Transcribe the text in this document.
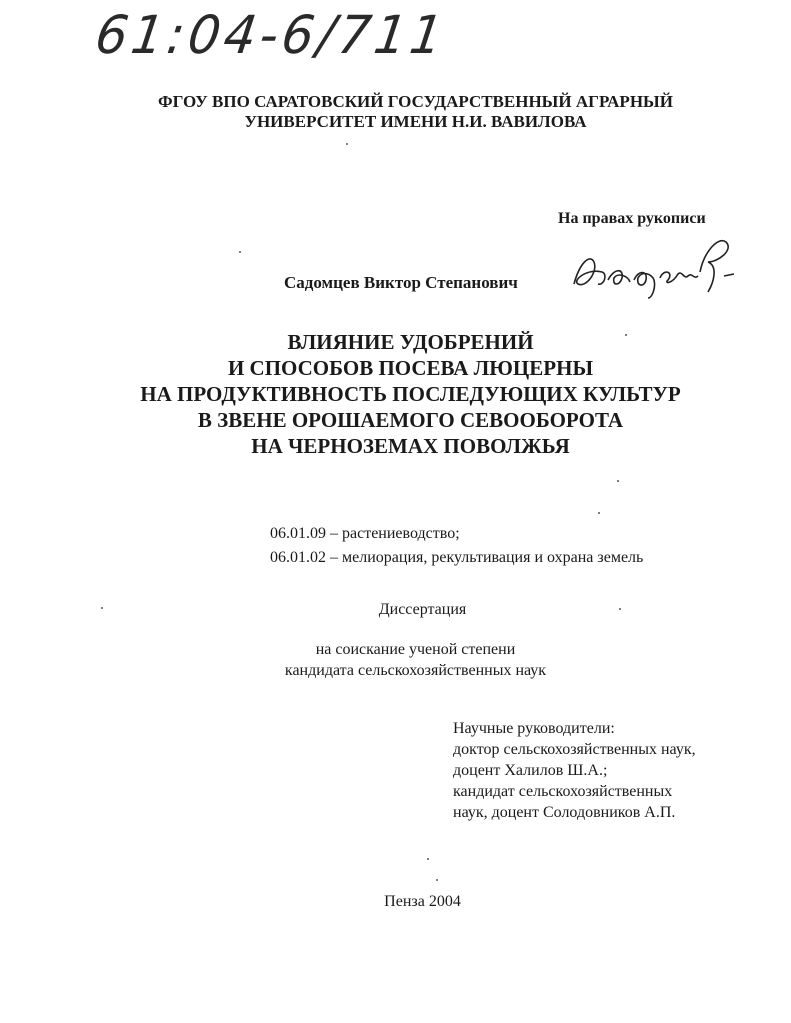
61:04-6/711
ФГОУ ВПО САРАТОВСКИЙ ГОСУДАРСТВЕННЫЙ АГРАРНЫЙ
УНИВЕРСИТЕТ ИМЕНИ Н.И. ВАВИЛОВА
На правах рукописи
Садомцев Виктор Степанович
ВЛИЯНИЕ УДОБРЕНИЙ
И СПОСОБОВ ПОСЕВА ЛЮЦЕРНЫ
НА ПРОДУКТИВНОСТЬ ПОСЛЕДУЮЩИХ КУЛЬТУР
В ЗВЕНЕ ОРОШАЕМОГО СЕВООБОРОТА
НА ЧЕРНОЗЕМАХ ПОВОЛЖЬЯ
06.01.09 – растениеводство;
06.01.02 – мелиорация, рекультивация и охрана земель
Диссертация
на соискание ученой степени
кандидата сельскохозяйственных наук
Научные руководители:
доктор сельскохозяйственных наук,
доцент Халилов Ш.А.;
кандидат сельскохозяйственных
наук, доцент Солодовников А.П.
Пенза 2004
